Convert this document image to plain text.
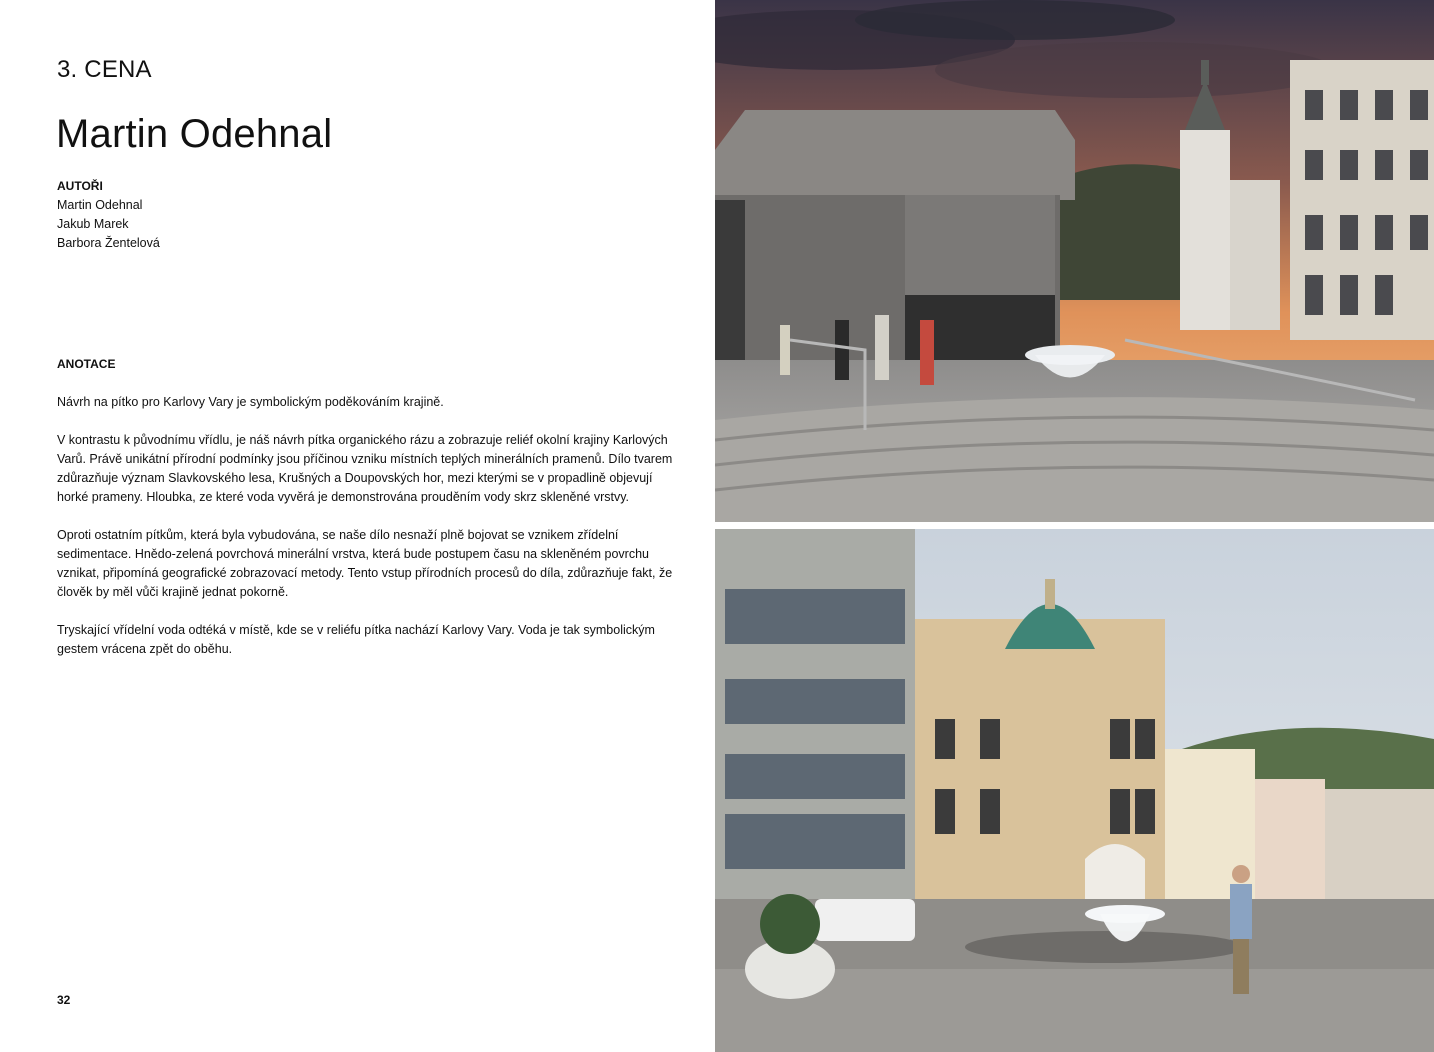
3. CENA
Martin Odehnal
AUTOŘI
Martin Odehnal
Jakub Marek
Barbora Žentelová
ANOTACE

Návrh na pítko pro Karlovy Vary je symbolickým poděkováním krajině.

V kontrastu k původnímu vřídlu, je náš návrh pítka organického rázu a zobrazuje reliéf okolní krajiny Karlových Varů. Právě unikátní přírodní podmínky jsou příčinou vzniku místních teplých minerálních pramenů. Dílo tvarem zdůrazňuje význam Slavkovského lesa, Krušných a Doupovských hor, mezi kterými se v propadlině objevují horké prameny. Hloubka, ze které voda vyvěrá je demonstrována prouděním vody skrz skleněné vrstvy.

Oproti ostatním pítkům, která byla vybudována, se naše dílo nesnaží plně bojovat se vznikem zřídelní sedimentace. Hnědo-zelená povrchová minerální vrstva, která bude postupem času na skleněném povrchu vznikat, připomíná geografické zobrazovací metody. Tento vstup přírodních procesů do díla, zdůrazňuje fakt, že člověk by měl vůči krajině jednat pokorně.

Tryskající vřídelní voda odtéká v místě, kde se v reliéfu pítka nachází Karlovy Vary. Voda je tak symbolickým gestem vrácena zpět do oběhu.

32
